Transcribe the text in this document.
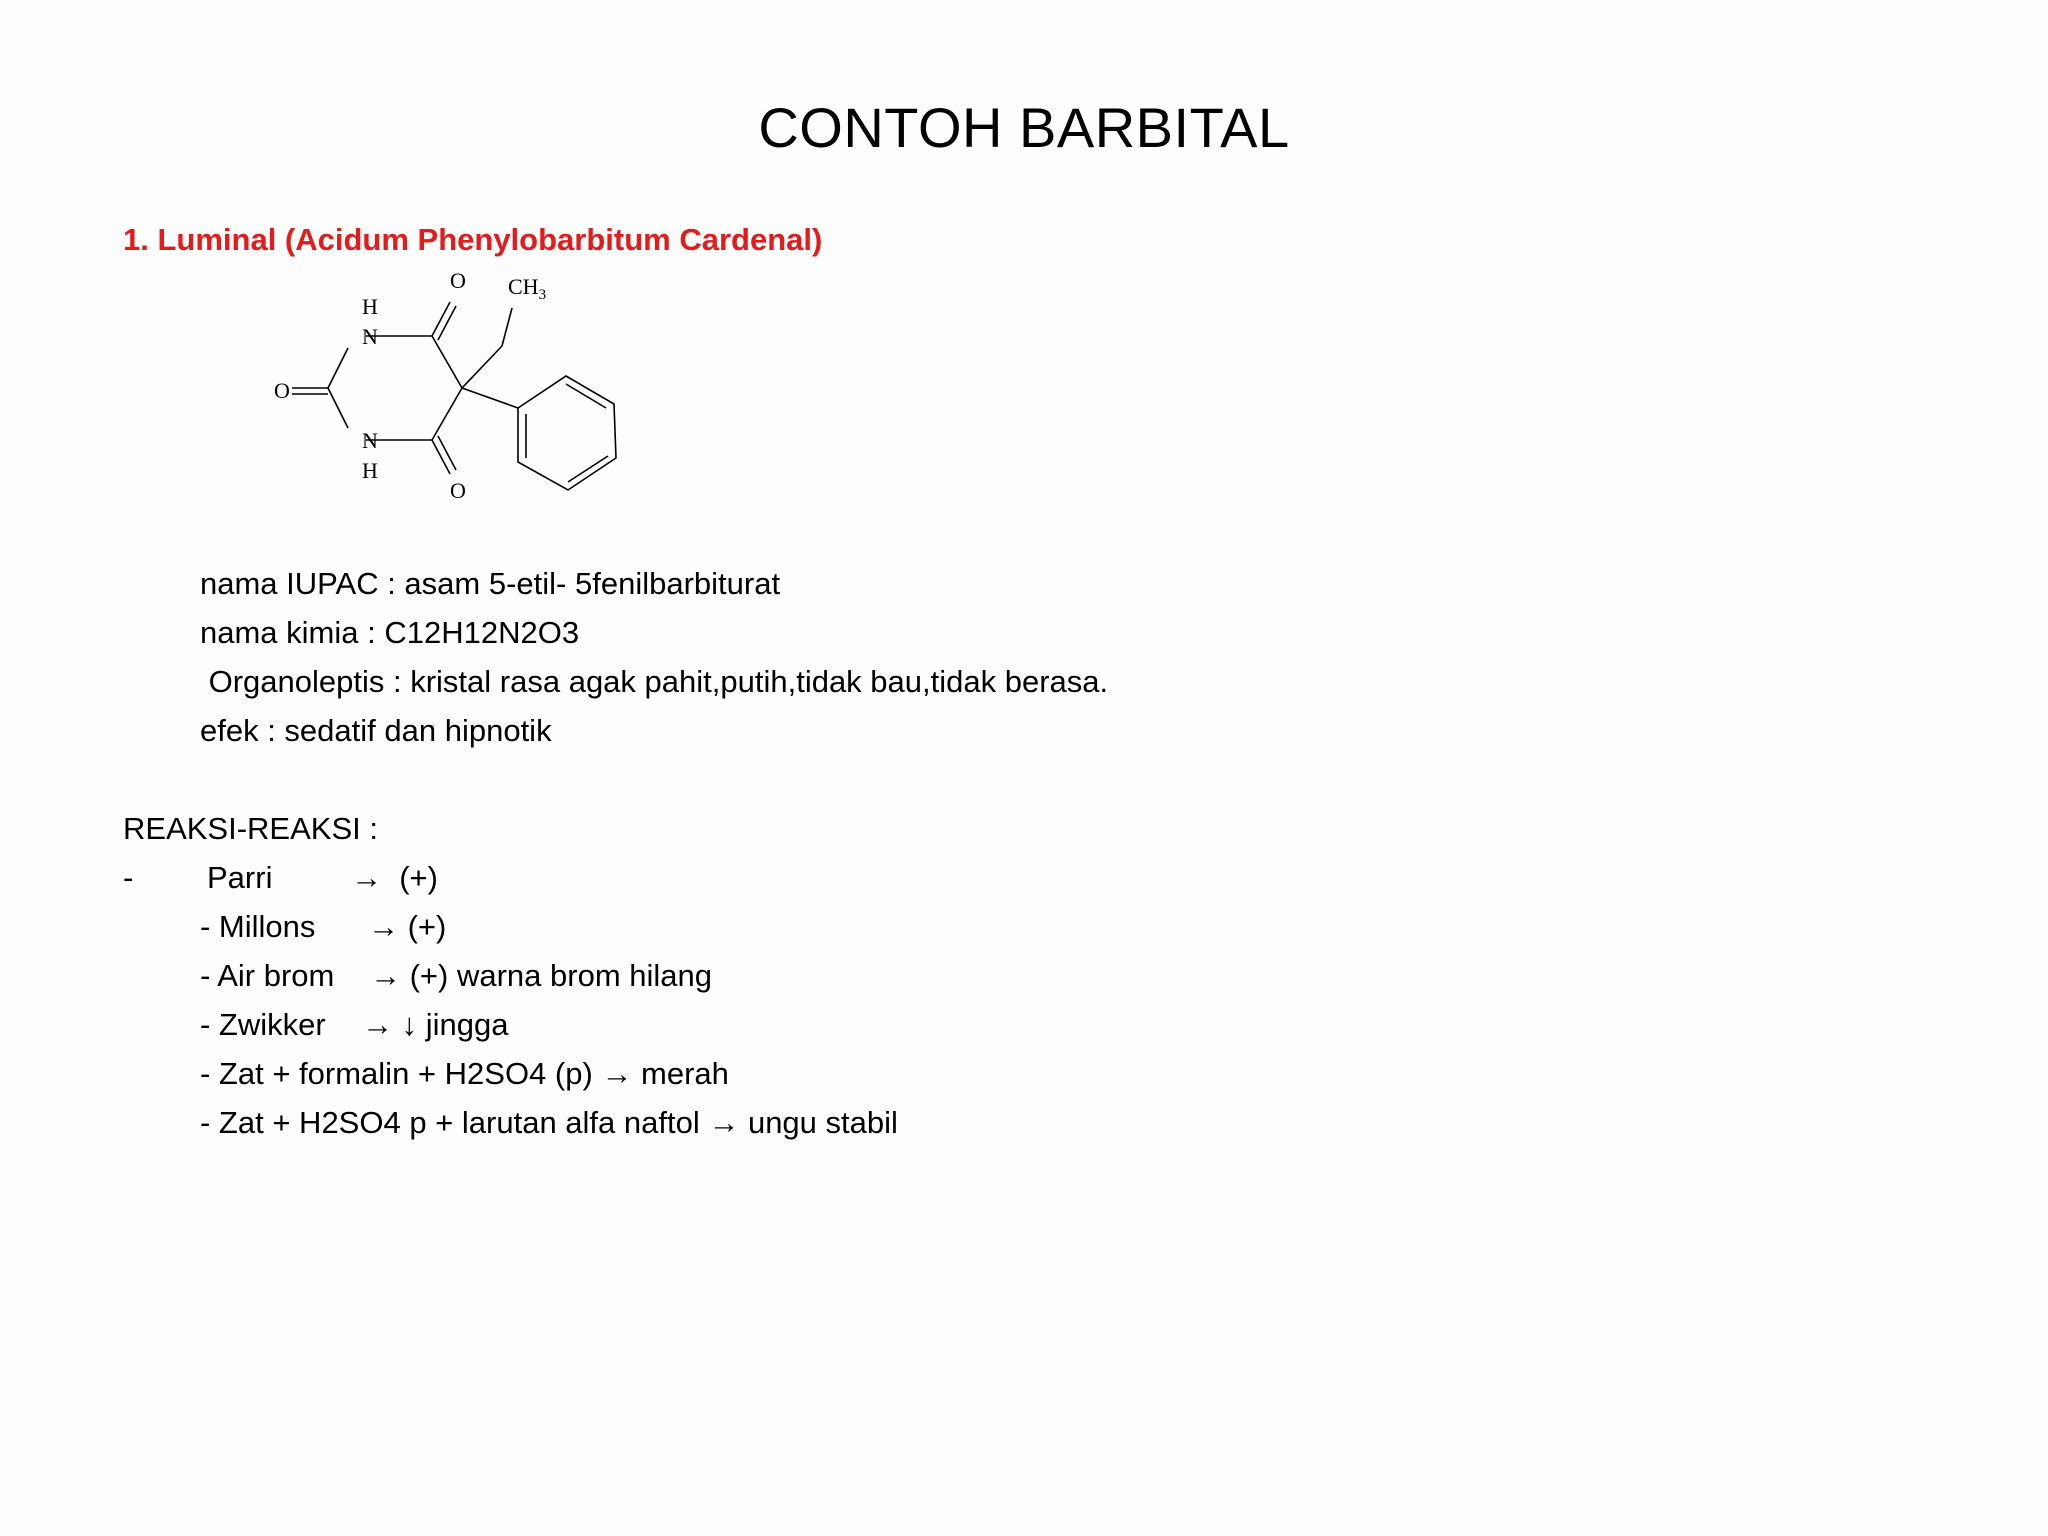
CONTOH BARBITAL
1. Luminal (Acidum Phenylobarbitum Cardenal)
O $CH_3$
H
N
O
N
H
O
nama IUPAC : asam 5-etil- 5fenilbarbiturat
nama kimia : C12H12N2O3
Organoleptis : kristal rasa agak pahit,putih,tidak bau,tidak berasa.
efek : sedatif dan hipnotik
REAKSI-REAKSI :
- Parri	→  (+)
- Millons → (+)
- Air brom → (+) warna brom hilang
- Zwikker → ↓ jingga
- Zat + formalin + H2SO4 (p) → merah
- Zat + H2SO4 p + larutan alfa naftol → ungu stabil
